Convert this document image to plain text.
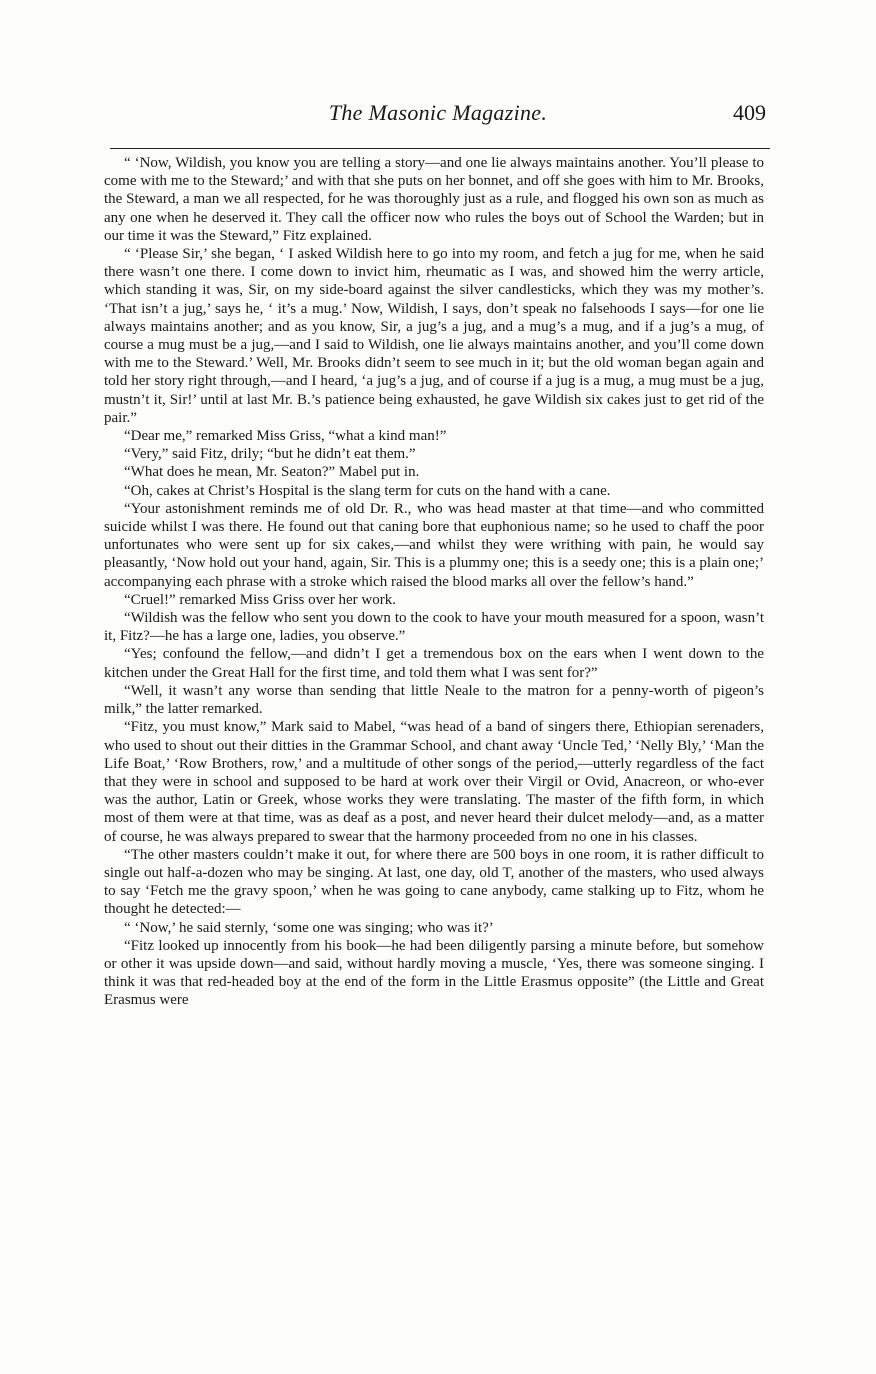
The Masonic Magazine.	409

“ ‘Now, Wildish, you know you are telling a story—and one lie always maintains another. You’ll please to come with me to the Steward;’ and with that she puts on her bonnet, and off she goes with him to Mr. Brooks, the Steward, a man we all respected, for he was thoroughly just as a rule, and flogged his own son as much as any one when he deserved it. They call the officer now who rules the boys out of School the Warden; but in our time it was the Steward,” Fitz explained.

“ ‘Please Sir,’ she began, ‘ I asked Wildish here to go into my room, and fetch a jug for me, when he said there wasn’t one there. I come down to invict him, rheumatic as I was, and showed him the werry article, which standing it was, Sir, on my side-board against the silver candlesticks, which they was my mother’s. ‘That isn’t a jug,’ says he, ‘ it’s a mug.’ Now, Wildish, I says, don’t speak no falsehoods I says—for one lie always maintains another; and as you know, Sir, a jug’s a jug, and a mug’s a mug, and if a jug’s a mug, of course a mug must be a jug,—and I said to Wildish, one lie always maintains another, and you’ll come down with me to the Steward.’ Well, Mr. Brooks didn’t seem to see much in it; but the old woman began again and told her story right through,—and I heard, ‘a jug’s a jug, and of course if a jug is a mug, a mug must be a jug, mustn’t it, Sir!’ until at last Mr. B.’s patience being exhausted, he gave Wildish six cakes just to get rid of the pair.”

“Dear me,” remarked Miss Griss, “what a kind man!”

“Very,” said Fitz, drily; “but he didn’t eat them.”

“What does he mean, Mr. Seaton?” Mabel put in.

“Oh, cakes at Christ’s Hospital is the slang term for cuts on the hand with a cane.

“Your astonishment reminds me of old Dr. R., who was head master at that time—and who committed suicide whilst I was there. He found out that caning bore that euphonious name; so he used to chaff the poor unfortunates who were sent up for six cakes,—and whilst they were writhing with pain, he would say pleasantly, ‘Now hold out your hand, again, Sir. This is a plummy one; this is a seedy one; this is a plain one;’ accompanying each phrase with a stroke which raised the blood marks all over the fellow’s hand.”

“Cruel!” remarked Miss Griss over her work.

“Wildish was the fellow who sent you down to the cook to have your mouth measured for a spoon, wasn’t it, Fitz?—he has a large one, ladies, you observe.”

“Yes; confound the fellow,—and didn’t I get a tremendous box on the ears when I went down to the kitchen under the Great Hall for the first time, and told them what I was sent for?”

“Well, it wasn’t any worse than sending that little Neale to the matron for a penny-worth of pigeon’s milk,” the latter remarked.

“Fitz, you must know,” Mark said to Mabel, “was head of a band of singers there, Ethiopian serenaders, who used to shout out their ditties in the Grammar School, and chant away ‘Uncle Ted,’ ‘Nelly Bly,’ ‘Man the Life Boat,’ ‘Row Brothers, row,’ and a multitude of other songs of the period,—utterly regardless of the fact that they were in school and supposed to be hard at work over their Virgil or Ovid, Anacreon, or who-ever was the author, Latin or Greek, whose works they were translating. The master of the fifth form, in which most of them were at that time, was as deaf as a post, and never heard their dulcet melody—and, as a matter of course, he was always prepared to swear that the harmony proceeded from no one in his classes.

“The other masters couldn’t make it out, for where there are 500 boys in one room, it is rather difficult to single out half-a-dozen who may be singing. At last, one day, old T, another of the masters, who used always to say ‘Fetch me the gravy spoon,’ when he was going to cane anybody, came stalking up to Fitz, whom he thought he detected:—

“ ‘Now,’ he said sternly, ‘some one was singing; who was it?’

“Fitz looked up innocently from his book—he had been diligently parsing a minute before, but somehow or other it was upside down—and said, without hardly moving a muscle, ‘Yes, there was someone singing. I think it was that red-headed boy at the end of the form in the Little Erasmus opposite” (the Little and Great Erasmus were
